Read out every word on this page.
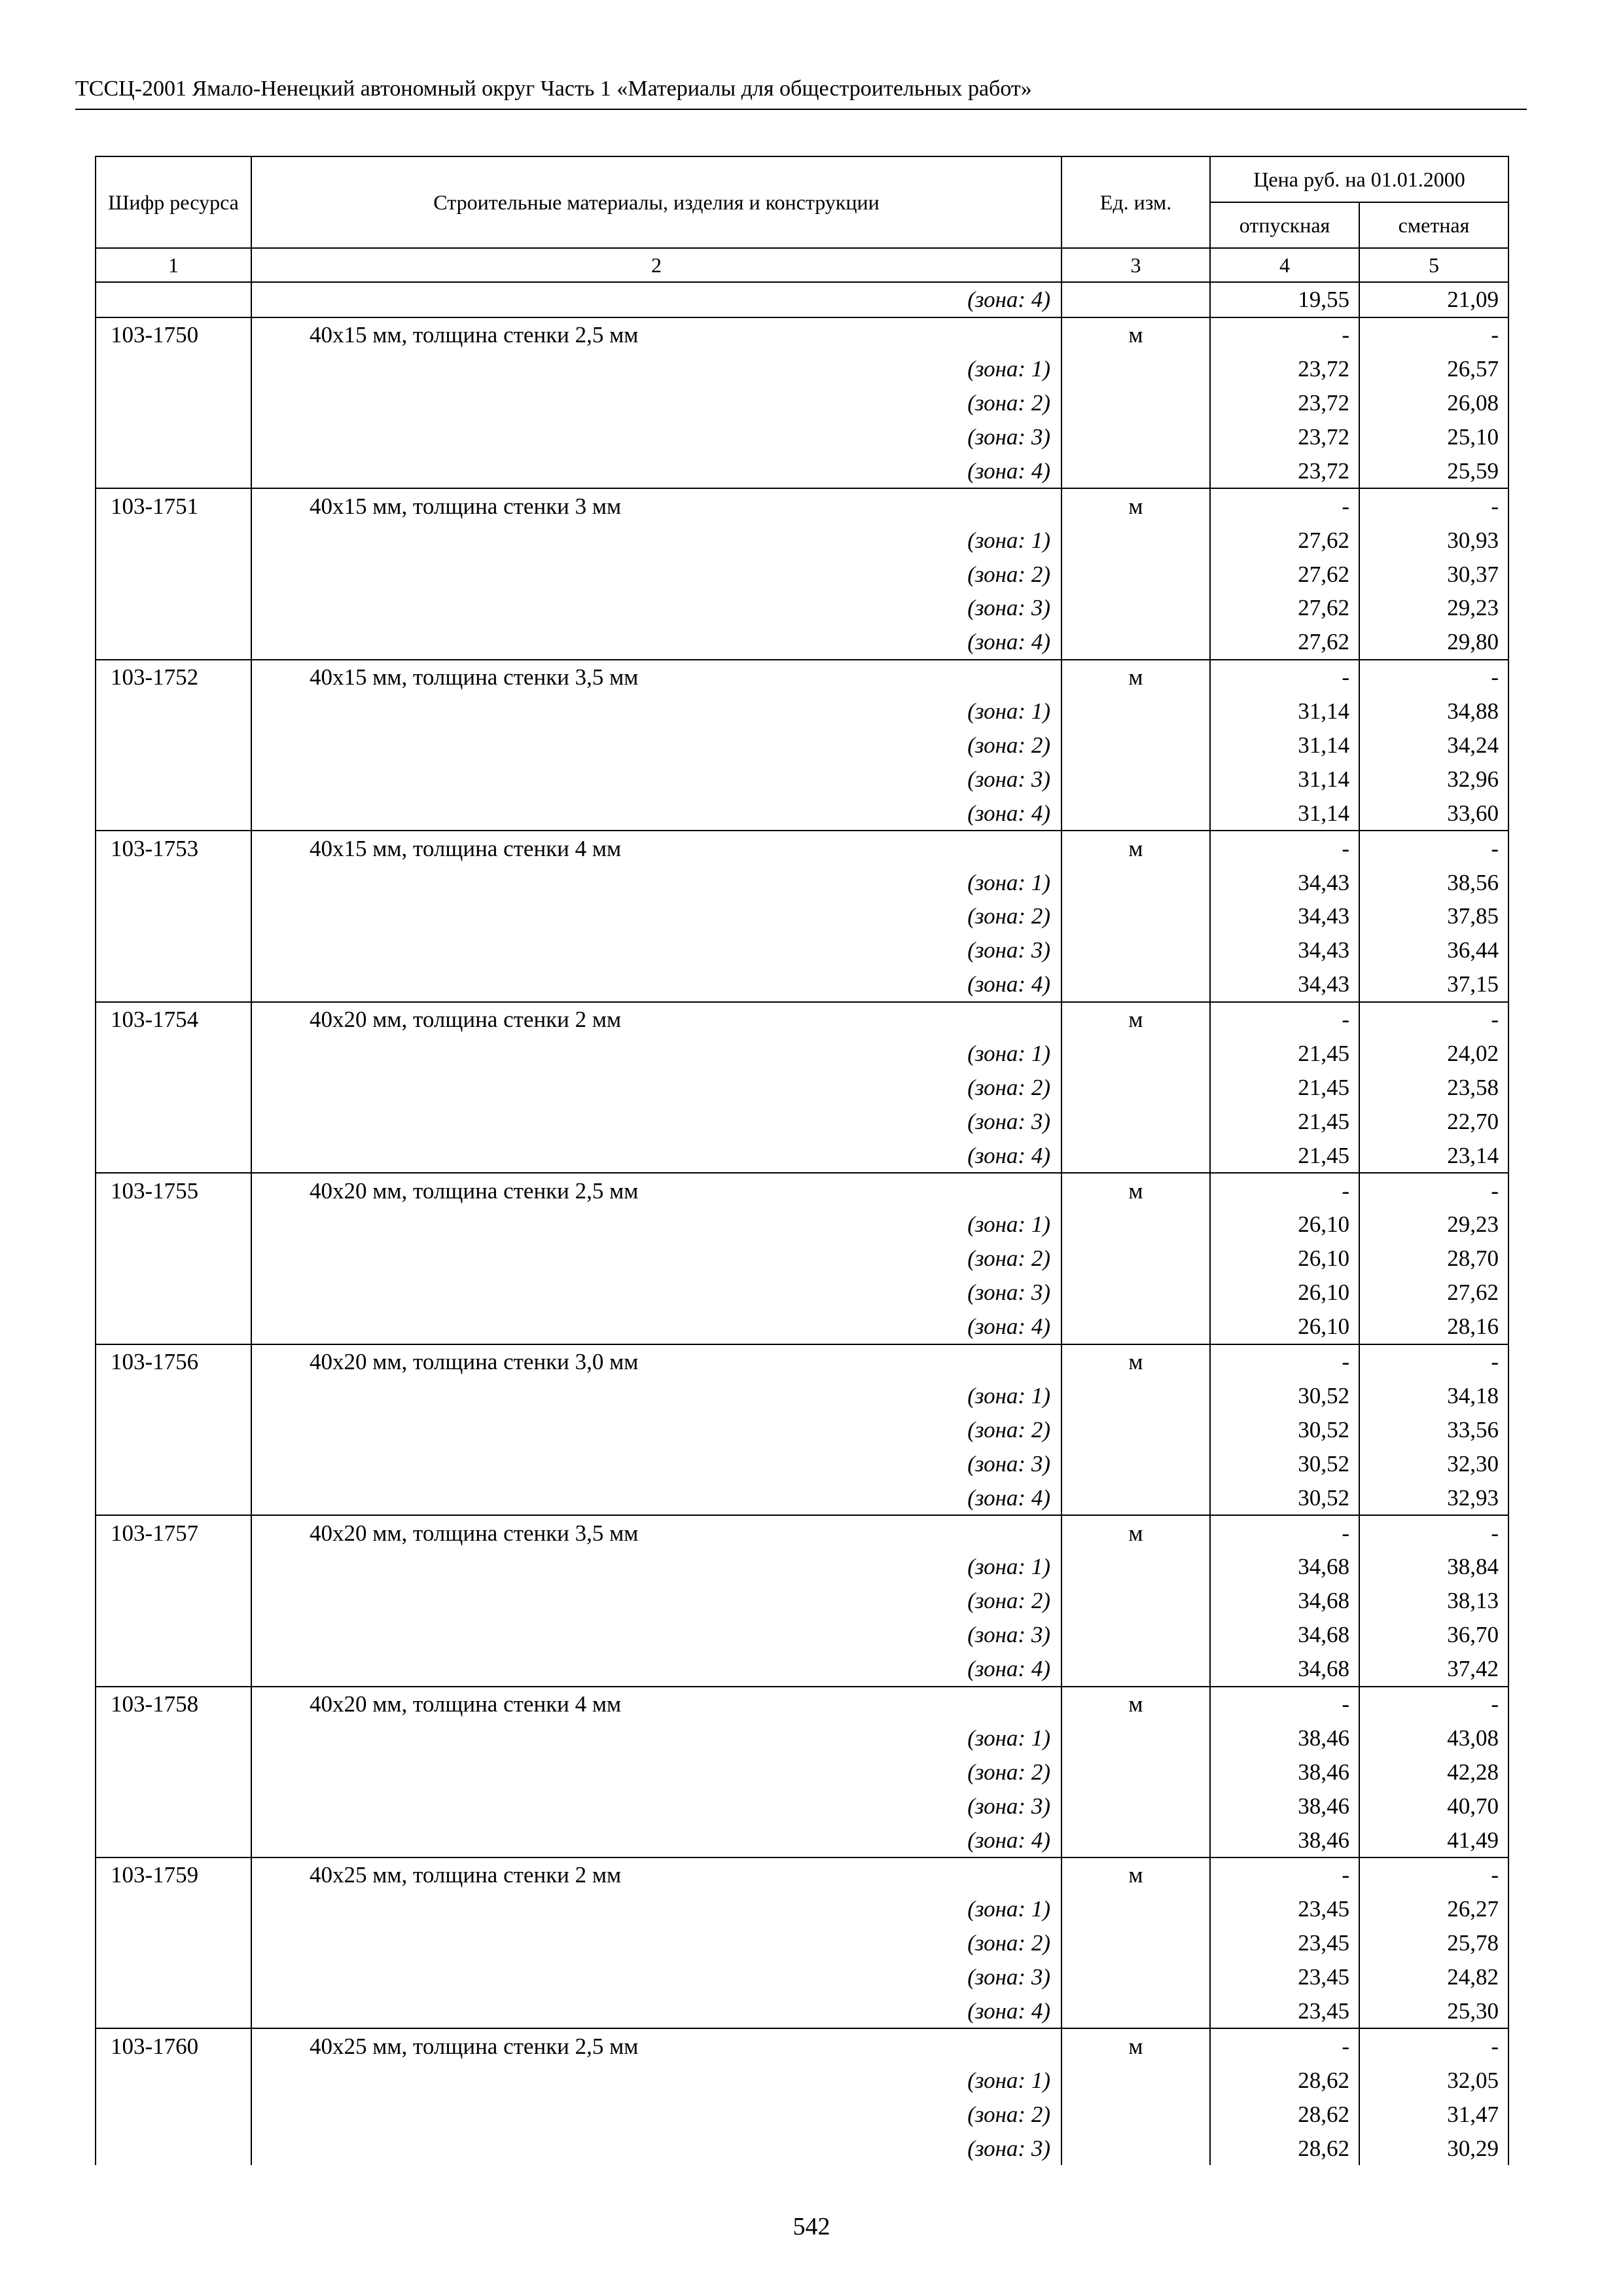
ТССЦ-2001 Ямало-Ненецкий автономный округ Часть 1 «Материалы для общестроительных работ»
Шифр ресурса	Строительные материалы, изделия и конструкции	Ед. изм.	Цена руб. на 01.01.2000	
			отпускная	сметная
1	2	3	4	5
	(зона: 4)		19,55	21,09
103-1750	40х15 мм, толщина стенки 2,5 мм	м	-	-
	(зона: 1)		23,72	26,57
	(зона: 2)		23,72	26,08
	(зона: 3)		23,72	25,10
	(зона: 4)		23,72	25,59
103-1751	40х15 мм, толщина стенки 3 мм	м	-	-
	(зона: 1)		27,62	30,93
	(зона: 2)		27,62	30,37
	(зона: 3)		27,62	29,23
	(зона: 4)		27,62	29,80
103-1752	40х15 мм, толщина стенки 3,5 мм	м	-	-
	(зона: 1)		31,14	34,88
	(зона: 2)		31,14	34,24
	(зона: 3)		31,14	32,96
	(зона: 4)		31,14	33,60
103-1753	40х15 мм, толщина стенки 4 мм	м	-	-
	(зона: 1)		34,43	38,56
	(зона: 2)		34,43	37,85
	(зона: 3)		34,43	36,44
	(зона: 4)		34,43	37,15
103-1754	40х20 мм, толщина стенки 2 мм	м	-	-
	(зона: 1)		21,45	24,02
	(зона: 2)		21,45	23,58
	(зона: 3)		21,45	22,70
	(зона: 4)		21,45	23,14
103-1755	40х20 мм, толщина стенки 2,5 мм	м	-	-
	(зона: 1)		26,10	29,23
	(зона: 2)		26,10	28,70
	(зона: 3)		26,10	27,62
	(зона: 4)		26,10	28,16
103-1756	40х20 мм, толщина стенки 3,0 мм	м	-	-
	(зона: 1)		30,52	34,18
	(зона: 2)		30,52	33,56
	(зона: 3)		30,52	32,30
	(зона: 4)		30,52	32,93
103-1757	40х20 мм, толщина стенки 3,5 мм	м	-	-
	(зона: 1)		34,68	38,84
	(зона: 2)		34,68	38,13
	(зона: 3)		34,68	36,70
	(зона: 4)		34,68	37,42
103-1758	40х20 мм, толщина стенки 4 мм	м	-	-
	(зона: 1)		38,46	43,08
	(зона: 2)		38,46	42,28
	(зона: 3)		38,46	40,70
	(зона: 4)		38,46	41,49
103-1759	40х25 мм, толщина стенки 2 мм	м	-	-
	(зона: 1)		23,45	26,27
	(зона: 2)		23,45	25,78
	(зона: 3)		23,45	24,82
	(зона: 4)		23,45	25,30
103-1760	40х25 мм, толщина стенки 2,5 мм	м	-	-
	(зона: 1)		28,62	32,05
	(зона: 2)		28,62	31,47
	(зона: 3)		28,62	30,29
542
